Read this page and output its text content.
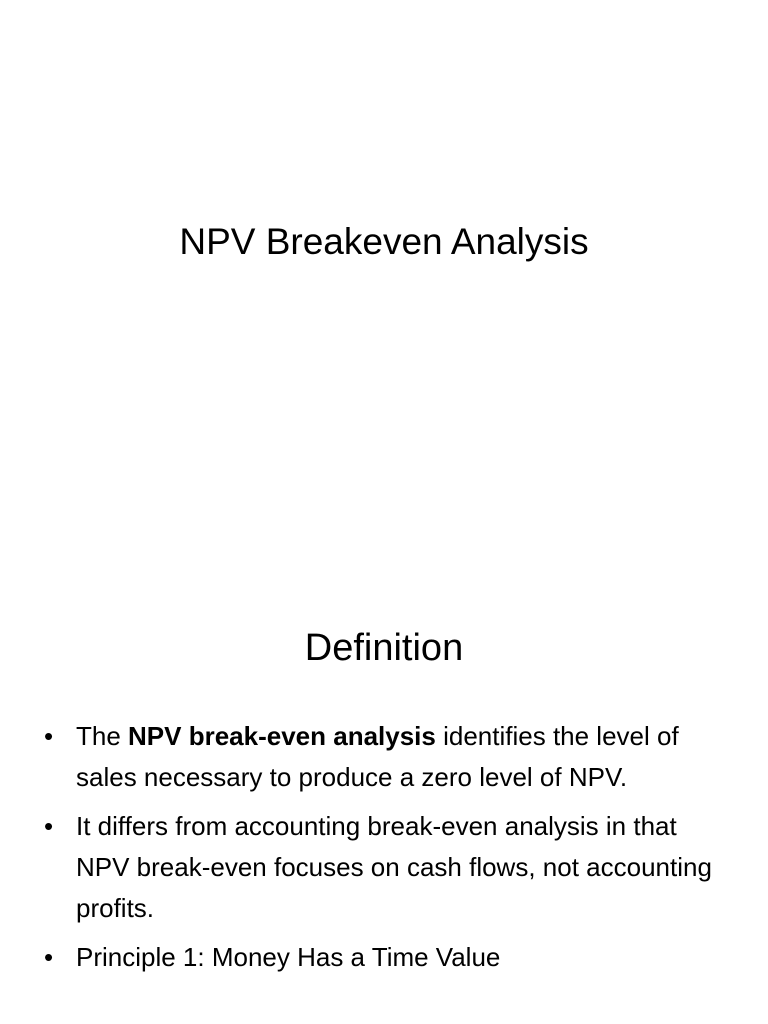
NPV Breakeven Analysis
Definition
• The NPV break-even analysis identifies the level of sales necessary to produce a zero level of NPV.
• It differs from accounting break-even analysis in that NPV break-even focuses on cash flows, not accounting profits.
• Principle 1: Money Has a Time Value
